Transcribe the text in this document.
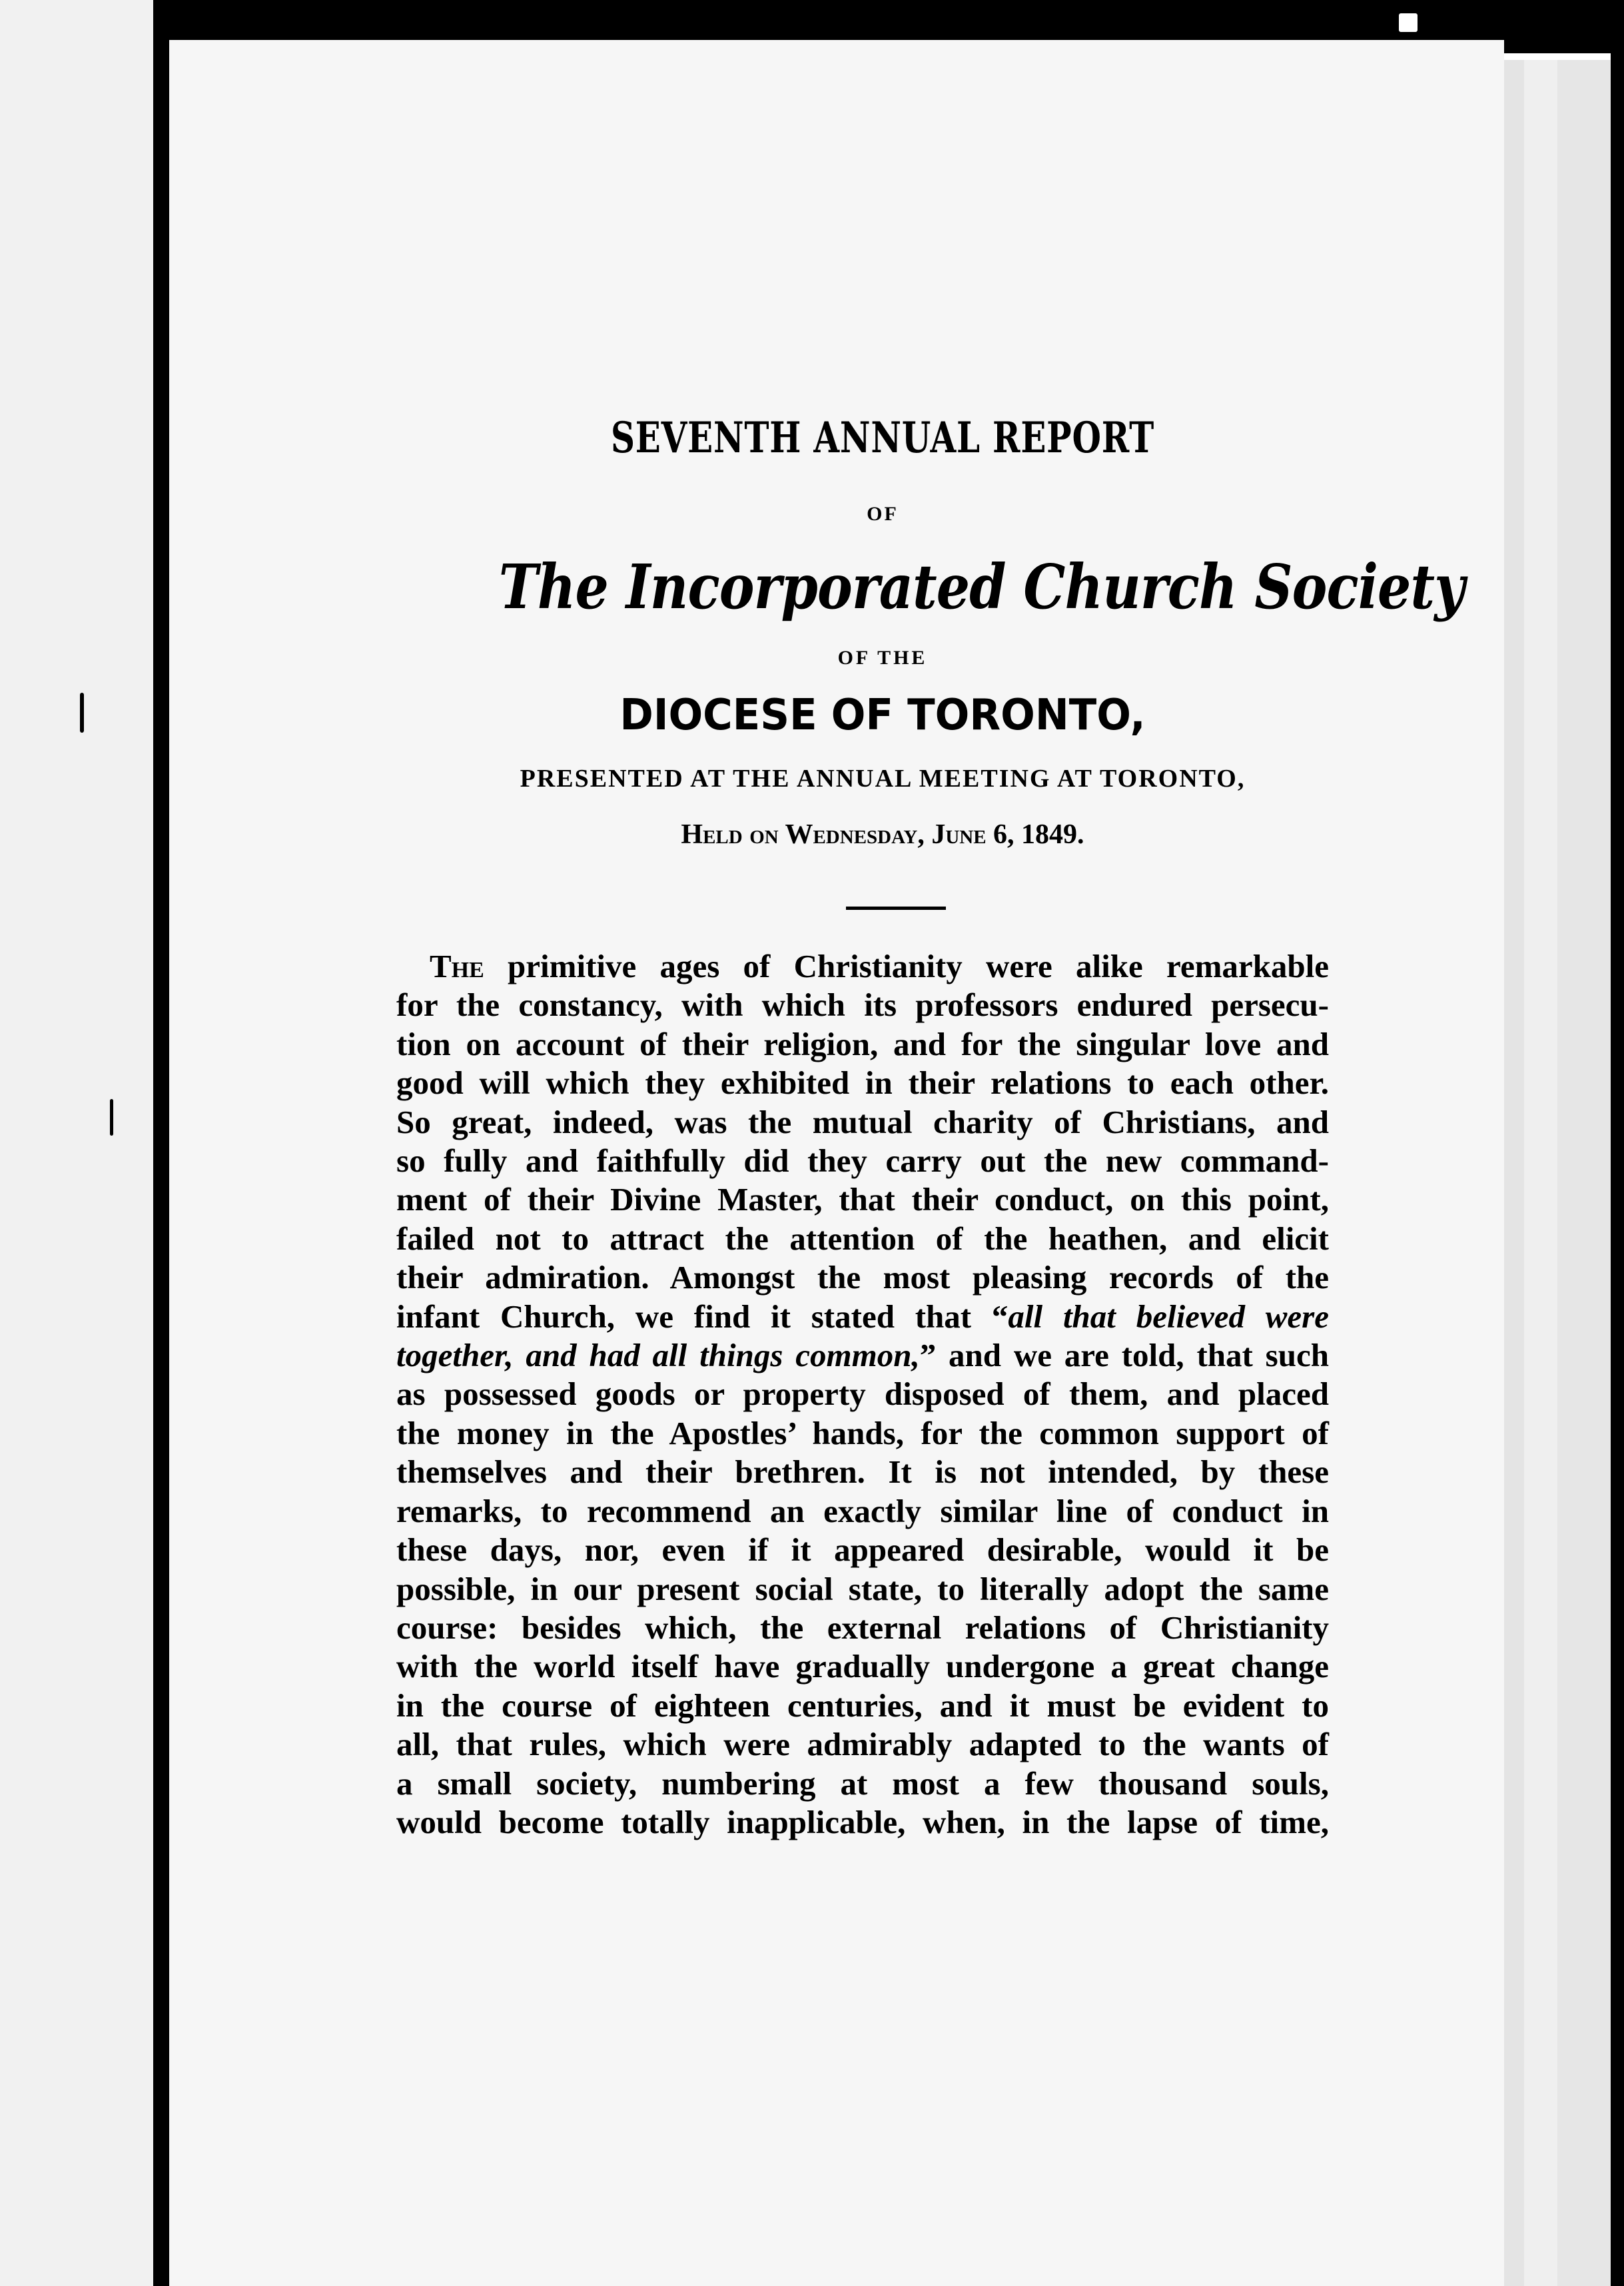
SEVENTH ANNUAL REPORT
OF
The Incorporated Church Society
OF THE
DIOCESE OF TORONTO,
PRESENTED AT THE ANNUAL MEETING AT TORONTO,
Held on Wednesday, June 6, 1849.
The primitive ages of Christianity were alike remarkable
for the constancy, with which its professors endured persecu-
tion on account of their religion, and for the singular love and
good will which they exhibited in their relations to each other.
So great, indeed, was the mutual charity of Christians, and
so fully and faithfully did they carry out the new command-
ment of their Divine Master, that their conduct, on this point,
failed not to attract the attention of the heathen, and elicit
their admiration. Amongst the most pleasing records of the
infant Church, we find it stated that “all that believed were
together, and had all things common,” and we are told, that such
as possessed goods or property disposed of them, and placed
the money in the Apostles’ hands, for the common support of
themselves and their brethren. It is not intended, by these
remarks, to recommend an exactly similar line of conduct in
these days, nor, even if it appeared desirable, would it be
possible, in our present social state, to literally adopt the same
course: besides which, the external relations of Christianity
with the world itself have gradually undergone a great change
in the course of eighteen centuries, and it must be evident to
all, that rules, which were admirably adapted to the wants of
a small society, numbering at most a few thousand souls,
would become totally inapplicable, when, in the lapse of time,
